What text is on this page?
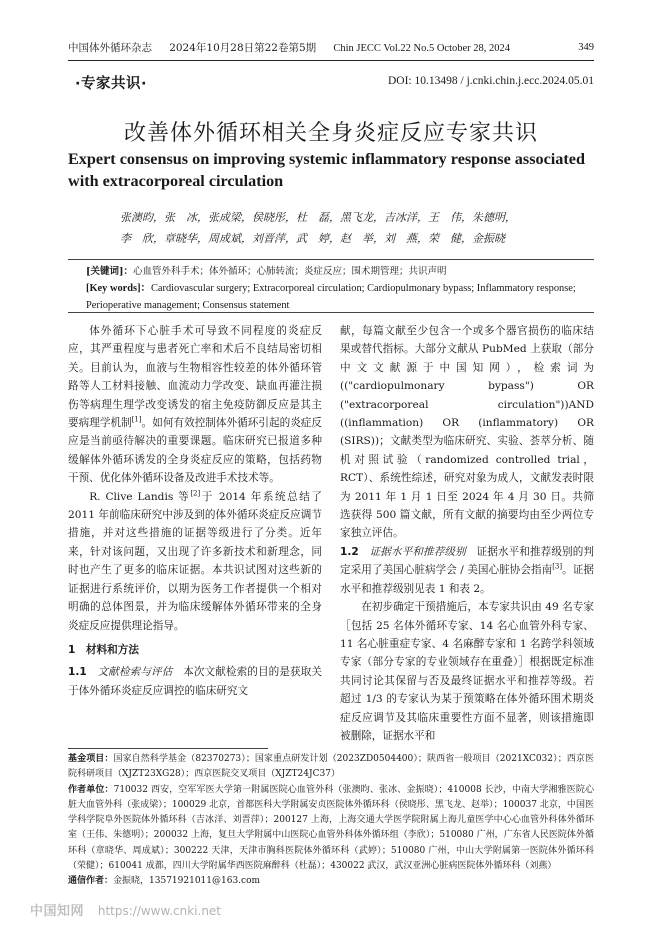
中国体外循环杂志 　 2024年10月28日第22卷第5期 　 Chin JECC Vol.22 No.5 October 28, 2024	349
·专家共识·	DOI: 10.13498 / j.cnki.chin.j.ecc.2024.05.01
改善体外循环相关全身炎症反应专家共识
Expert consensus on improving systemic inflammatory response associated with extracorporeal circulation
张澳昀，张　冰，张成梁，侯晓彤，杜　磊，黑飞龙，吉冰洋，王　伟，朱德明，
李　欣，章晓华，周成斌，刘晋萍，武　婷，赵　举，刘　燕，荣　健，金振晓
[关键词]：心血管外科手术；体外循环；心肺转流；炎症反应；围术期管理；共识声明
[Key words]：Cardiovascular surgery; Extracorporeal circulation; Cardiopulmonary bypass; Inflammatory response; Perioperative management; Consensus statement

体外循环下心脏手术可导致不同程度的炎症反应，其严重程度与患者死亡率和术后不良结局密切相关。目前认为，血液与生物相容性较差的体外循环管路等人工材料接触、血流动力学改变、缺血再灌注损伤等病理生理学改变诱发的宿主免疫防御反应是其主要病理学机制[1]。如何有效控制体外循环引起的炎症反应是当前亟待解决的重要课题。临床研究已报道多种缓解体外循环诱发的全身炎症反应的策略，包括药物干预、优化体外循环设备及改进手术技术等。

R. Clive Landis 等[2]于 2014 年系统总结了 2011 年前临床研究中涉及到的体外循环炎症反应调节措施，并对这些措施的证据等级进行了分类。近年来，针对该问题，又出现了许多新技术和新理念，同时也产生了更多的临床证据。本共识试图对这些新的证据进行系统评价，以期为医务工作者提供一个相对明确的总体图景，并为临床缓解体外循环带来的全身炎症反应提供理论指导。

1　材料和方法

1.1　 文献检索与评估　 本次文献检索的目的是获取关于体外循环炎症反应调控的临床研究文

献，每篇文献至少包含一个或多个器官损伤的临床结果或替代指标。大部分文献从 PubMed 上获取（部分中文文献源于中国知网），检索词为 (("cardiopulmonary bypass") OR ("extracorporeal circulation"))AND ((inflammation) OR (inflammatory) OR (SIRS))；文献类型为临床研究、实验、荟萃分析、随机对照试验（randomized controlled trial，RCT）、系统性综述，研究对象为成人，文献发表时限为 2011 年 1 月 1 日至 2024 年 4 月 30 日。共筛选获得 500 篇文献，所有文献的摘要均由至少两位专家独立评估。

1.2　 证据水平和推荐级别　 证据水平和推荐级别的判定采用了美国心脏病学会 / 美国心脏协会指南[3]。证据水平和推荐级别见表 1 和表 2。

在初步确定干预措施后，本专家共识由 49 名专家［包括 25 名体外循环专家、14 名心血管外科专家、11 名心脏重症专家、4 名麻醉专家和 1 名跨学科领域专家（部分专家的专业领域存在重叠）］根据既定标准共同讨论其保留与否及最终证据水平和推荐等级。若超过 1/3 的专家认为某于预策略在体外循环围术期炎症反应调节及其临床重要性方面不显著，则该措施即被删除，证据水平和

基金项目：国家自然科学基金（82370273）；国家重点研发计划（2023ZD0504400）；陕西省一般项目（2021XC032）；西京医院科研项目（XJZT23XG28）；西京医院交叉项目（XJZT24JC37）
作者单位：710032 西安，空军军医大学第一附属医院心血管外科（张澳昀、张冰、金振晓）；410008 长沙，中南大学湘雅医院心脏大血管外科（张成梁）；100029 北京，首都医科大学附属安贞医院体外循环科（侯晓彤、黑飞龙、赵举）；100037 北京，中国医学科学院阜外医院体外循环科（吉冰洋、刘晋萍）；200127 上海，上海交通大学医学院附属上海儿童医学中心心血管外科体外循环室（王伟、朱德明）；200032 上海，复旦大学附属中山医院心血管外科体外循环组（李欣）；510080 广州，广东省人民医院体外循环科（章晓华、周成斌）；300222 天津，天津市胸科医院体外循环科（武婷）；510080 广州，中山大学附属第一医院体外循环科（荣健）；610041 成都，四川大学附属华西医院麻醉科（杜磊）；430022 武汉，武汉亚洲心脏病医院体外循环科（刘燕）
通信作者：金振晓，13571921011@163.com
中国知网 https://www.cnki.net
